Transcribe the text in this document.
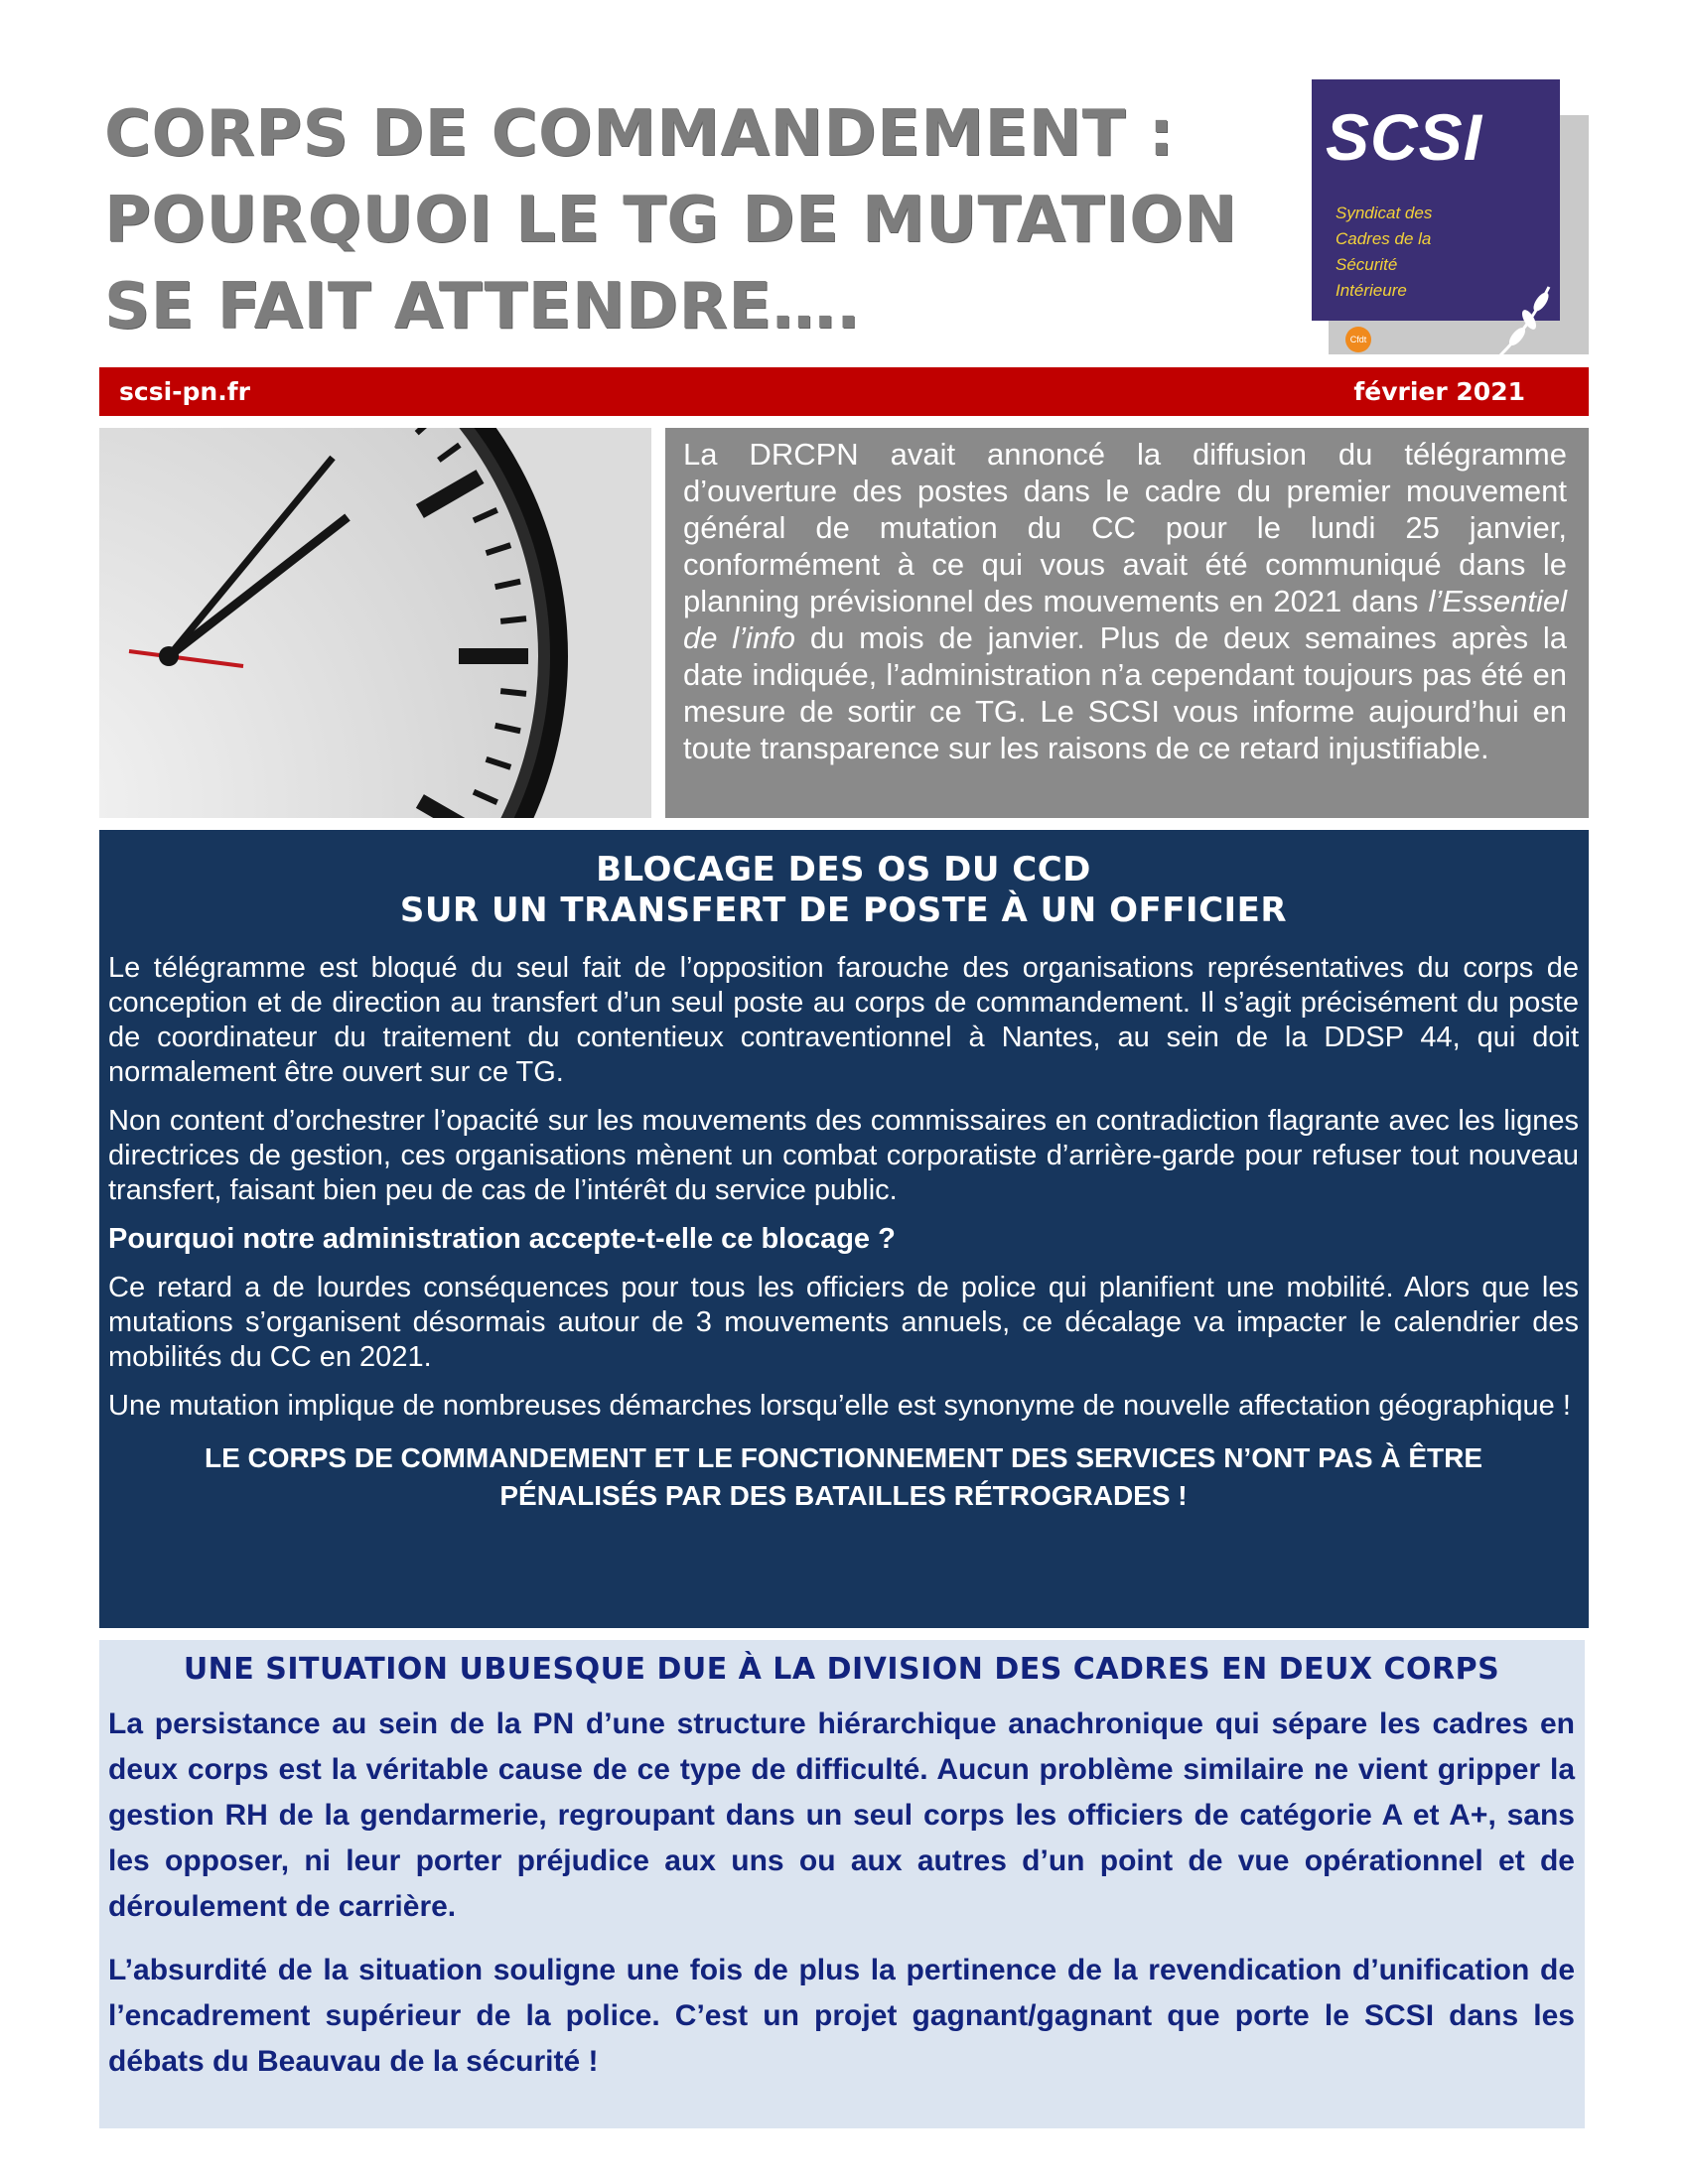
CORPS DE COMMANDEMENT :
POURQUOI LE TG DE MUTATION
SE FAIT ATTENDRE….
SCSI
Syndicat des
Cadres de la
Sécurité
Intérieure
Cfdt
scsi-pn.fr	février 2021
La DRCPN avait annoncé la diffusion du télégramme d’ouverture des postes dans le cadre du premier mouvement général de mutation du CC pour le lundi 25 janvier, conformément à ce qui vous avait été communiqué dans le planning prévisionnel des mouvements en 2021 dans l’Essentiel de l’info du mois de janvier. Plus de deux semaines après la date indiquée, l’administration n’a cependant toujours pas été en mesure de sortir ce TG. Le SCSI vous informe aujourd’hui en toute transparence sur les raisons de ce retard injustifiable.
BLOCAGE DES OS DU CCD
SUR UN TRANSFERT DE POSTE À UN OFFICIER

Le télégramme est bloqué du seul fait de l’opposition farouche des organisations représentatives du corps de conception et de direction au transfert d’un seul poste au corps de commandement. Il s’agit précisément du poste de coordinateur du traitement du contentieux contraventionnel à Nantes, au sein de la DDSP 44, qui doit normalement être ouvert sur ce TG.

Non content d’orchestrer l’opacité sur les mouvements des commissaires en contradiction flagrante avec les lignes directrices de gestion, ces organisations mènent un combat corporatiste d’arrière-garde pour refuser tout nouveau transfert, faisant bien peu de cas de l’intérêt du service public.

Pourquoi notre administration accepte-t-elle ce blocage ?

Ce retard a de lourdes conséquences pour tous les officiers de police qui planifient une mobilité. Alors que les mutations s’organisent désormais autour de 3 mouvements annuels, ce décalage va impacter le calendrier des mobilités du CC en 2021.

Une mutation implique de nombreuses démarches lorsqu’elle est synonyme de nouvelle affectation géographique !

LE CORPS DE COMMANDEMENT ET LE FONCTIONNEMENT DES SERVICES N’ONT PAS À ÊTRE
PÉNALISÉS PAR DES BATAILLES RÉTROGRADES !
UNE SITUATION UBUESQUE DUE À LA DIVISION DES CADRES EN DEUX CORPS

La persistance au sein de la PN d’une structure hiérarchique anachronique qui sépare les cadres en deux corps est la véritable cause de ce type de difficulté. Aucun problème similaire ne vient gripper la gestion RH de la gendarmerie, regroupant dans un seul corps les officiers de catégorie A et A+, sans les opposer, ni leur porter préjudice aux uns ou aux autres d’un point de vue opérationnel et de déroulement de carrière.

L’absurdité de la situation souligne une fois de plus la pertinence de la revendication d’unification de l’encadrement supérieur de la police. C’est un projet gagnant/gagnant que porte le SCSI dans les débats du Beauvau de la sécurité !
